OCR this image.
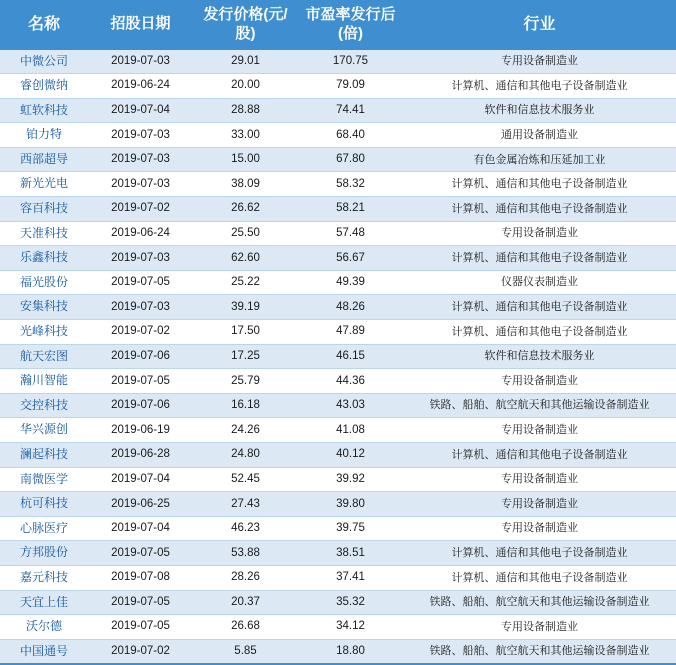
名称	招股日期	发行价格(元/股)	市盈率发行后(倍)	行业
中微公司	2019-07-03	29.01	170.75	专用设备制造业
睿创微纳	2019-06-24	20.00	79.09	计算机、通信和其他电子设备制造业
虹软科技	2019-07-04	28.88	74.41	软件和信息技术服务业
铂力特	2019-07-03	33.00	68.40	通用设备制造业
西部超导	2019-07-03	15.00	67.80	有色金属冶炼和压延加工业
新光光电	2019-07-03	38.09	58.32	计算机、通信和其他电子设备制造业
容百科技	2019-07-02	26.62	58.21	计算机、通信和其他电子设备制造业
天准科技	2019-06-24	25.50	57.48	专用设备制造业
乐鑫科技	2019-07-03	62.60	56.67	计算机、通信和其他电子设备制造业
福光股份	2019-07-05	25.22	49.39	仪器仪表制造业
安集科技	2019-07-03	39.19	48.26	计算机、通信和其他电子设备制造业
光峰科技	2019-07-02	17.50	47.89	计算机、通信和其他电子设备制造业
航天宏图	2019-07-06	17.25	46.15	软件和信息技术服务业
瀚川智能	2019-07-05	25.79	44.36	专用设备制造业
交控科技	2019-07-06	16.18	43.03	铁路、船舶、航空航天和其他运输设备制造业
华兴源创	2019-06-19	24.26	41.08	专用设备制造业
澜起科技	2019-06-28	24.80	40.12	计算机、通信和其他电子设备制造业
南微医学	2019-07-04	52.45	39.92	专用设备制造业
杭可科技	2019-06-25	27.43	39.80	专用设备制造业
心脉医疗	2019-07-04	46.23	39.75	专用设备制造业
方邦股份	2019-07-05	53.88	38.51	计算机、通信和其他电子设备制造业
嘉元科技	2019-07-08	28.26	37.41	计算机、通信和其他电子设备制造业
天宜上佳	2019-07-05	20.37	35.32	铁路、船舶、航空航天和其他运输设备制造业
沃尔德	2019-07-05	26.68	34.12	专用设备制造业
中国通号	2019-07-02	5.85	18.80	铁路、船舶、航空航天和其他运输设备制造业
